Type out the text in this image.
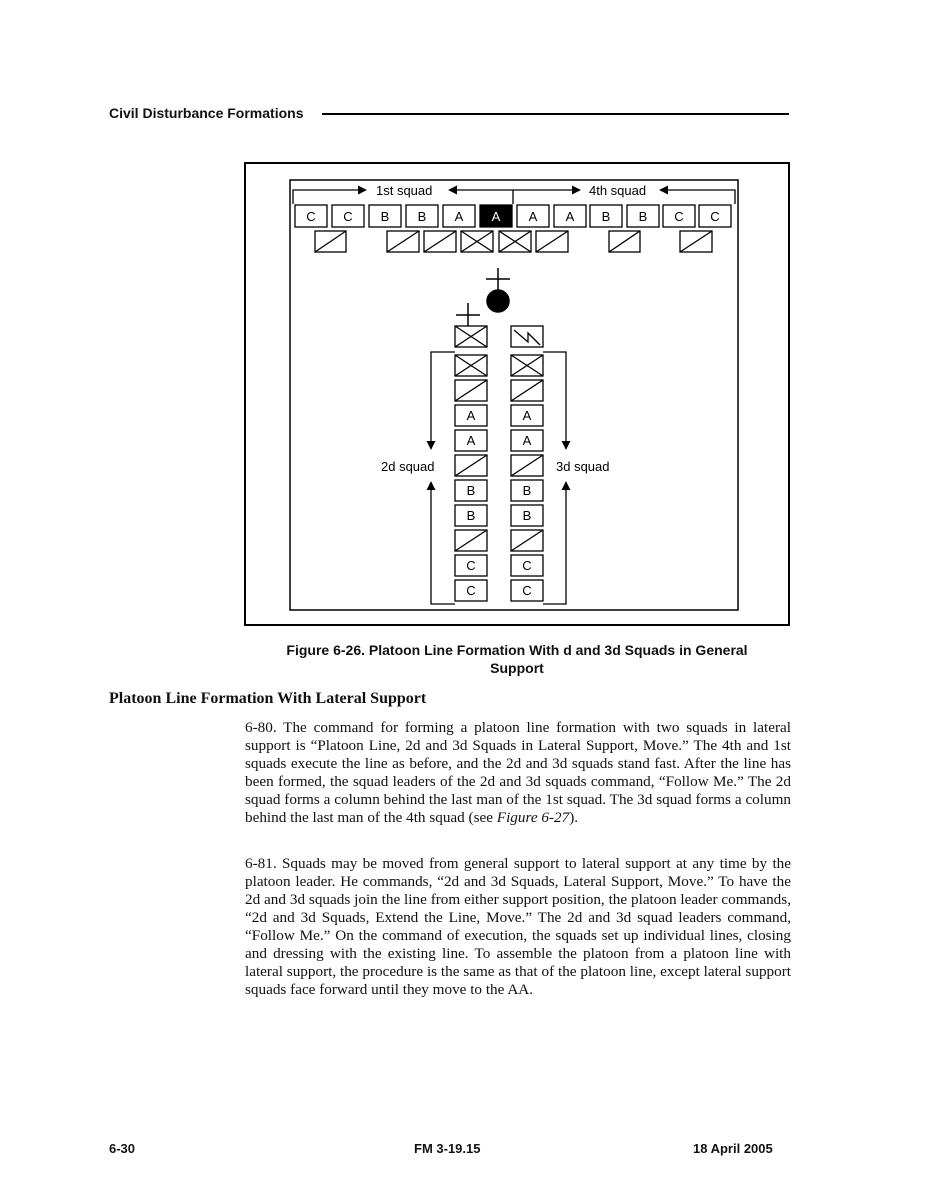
Civil Disturbance Formations
1st squad	4th squad
C C B B A A A A B B C C
2d squad	3d squad
A
A
B
B
C
C
A
A
B
B
C
C
Figure 6-26. Platoon Line Formation With d and 3d Squads in General
Support
Platoon Line Formation With Lateral Support

6-80. The command for forming a platoon line formation with two squads in lateral support is “Platoon Line, 2d and 3d Squads in Lateral Support, Move.” The 4th and 1st squads execute the line as before, and the 2d and 3d squads stand fast. After the line has been formed, the squad leaders of the 2d and 3d squads command, “Follow Me.” The 2d squad forms a column behind the last man of the 1st squad. The 3d squad forms a column behind the last man of the 4th squad (see Figure 6-27).

6-81. Squads may be moved from general support to lateral support at any time by the platoon leader. He commands, “2d and 3d Squads, Lateral Support, Move.” To have the 2d and 3d squads join the line from either support position, the platoon leader commands, “2d and 3d Squads, Extend the Line, Move.” The 2d and 3d squad leaders command, “Follow Me.” On the command of execution, the squads set up individual lines, closing and dressing with the existing line. To assemble the platoon from a platoon line with lateral support, the procedure is the same as that of the platoon line, except lateral support squads face forward until they move to the AA.

6-30	FM 3-19.15	18 April 2005
